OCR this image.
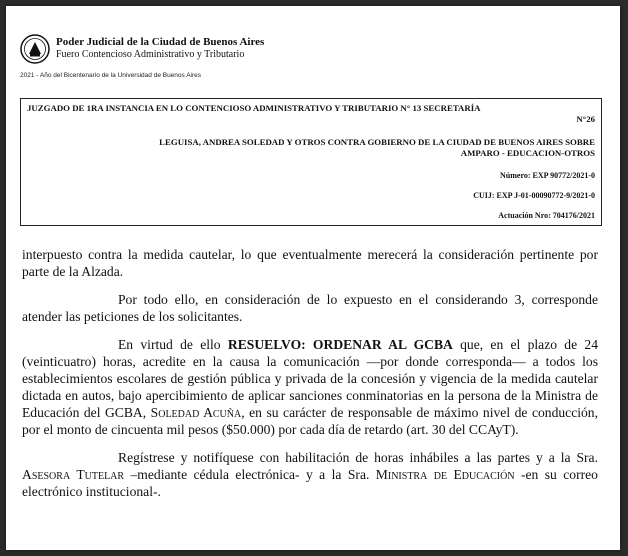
Poder Judicial de la Ciudad de Buenos Aires
Fuero Contencioso Administrativo y Tributario
2021 - Año del Bicentenario de la Universidad de Buenos Aires
JUZGADO DE 1RA INSTANCIA EN LO CONTENCIOSO ADMINISTRATIVO Y TRIBUTARIO N° 13 SECRETARÍA
N°26
LEGUISA, ANDREA SOLEDAD Y OTROS CONTRA GOBIERNO DE LA CIUDAD DE BUENOS AIRES SOBRE
AMPARO - EDUCACION-OTROS
Número: EXP 90772/2021-0
CUIJ: EXP J-01-00090772-9/2021-0
Actuación Nro: 704176/2021

interpuesto contra la medida cautelar, lo que eventualmente merecerá la consideración pertinente por parte de la Alzada.

Por todo ello, en consideración de lo expuesto en el considerando 3, corresponde atender las peticiones de los solicitantes.

En virtud de ello RESUELVO: ORDENAR AL GCBA que, en el plazo de 24 (veinticuatro) horas, acredite en la causa la comunicación —por donde corresponda— a todos los establecimientos escolares de gestión pública y privada de la concesión y vigencia de la medida cautelar dictada en autos, bajo apercibimiento de aplicar sanciones conminatorias en la persona de la Ministra de Educación del GCBA, Soledad Acuña, en su carácter de responsable de máximo nivel de conducción, por el monto de cincuenta mil pesos ($50.000) por cada día de retardo (art. 30 del CCAyT).

Regístrese y notifíquese con habilitación de horas inhábiles a las partes y a la Sra. Asesora Tutelar –mediante cédula electrónica- y a la Sra. Ministra de Educación -en su correo electrónico institucional-.
